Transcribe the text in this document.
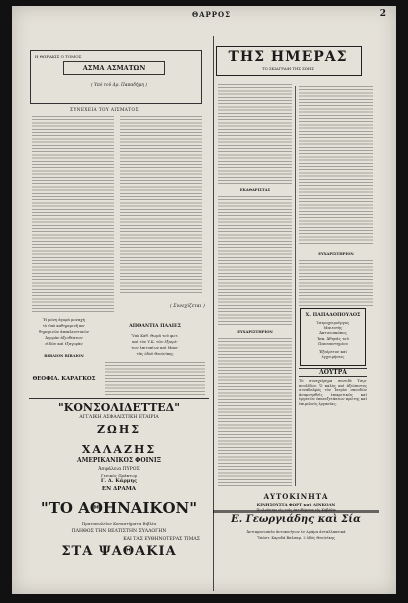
ΘΑΡΡΟΣ	2
Η ΘΩΡΑΚΙΣ Ο ΤΟΜΟΣ
ΑΣΜΑ ΑΣΜΑΤΩΝ
( Υπό τοῦ Δρ. Παπαδήμη )
ΣΥΝΕΧΕΙΑ ΤΟΥ ΑΙΣΜΑΤΟΣ
( Συνεχίζεται )
Ἡ μόνη ἀγορὰ μοναχὴ
τὸ ὑπὸ καθημερινῆ κα-
θημερινῶν ἀποκλειστικῶν
Ἀγορὰν ἀξιοθέατων
εἰδῶν καὶ ἐξαγορὰν
ΒΙΒΛΙΟΝ ΒΙΒΛΙΟΝ
ΘΕΟΦΙΛ. ΚΑΡΑΓΚΟΣ
ΑΠΘΑΝΤΙΑ ΠΑΛΙΕΣ
Ὑπὸ Καθ. Θωμᾶ τοῦ φωτ.
καὶ τὸν Υ.Κ. τῶν ἐξαιρέ-
των ἐπιτοπίων καὶ Μποι-
τᾶς ὁδοῦ Θεσ/νίκης
"ΚΟΝΣΟΛΙΔΕΤΤΕΔ"
ΑΓΓΛΙΚΗ ΑΣΦΑΛΙΣΤΙΚΗ ΕΤΑΙΡΙΑ
ΖΩΗΣ
ΧΑΛΑΖΗΣ
ΑΜΕΡΙΚΑΝΙΚΟΣ ΦΟΙΝΙΞ
Ἀσφάλεια ΠΥΡΟΣ
Γενικὸς Πράκτωρ
Γ. Δ. Κάρμης
ΕΝ ΔΡΑΜΑ
"ΤΟ ΑΘΗΝΑΙΚΟΝ"
Πρατοπωλεῖον Καταστήματα Βιβλία
ΠΛΗΘΟΣ ΤΗΝ ΒΕΛΤΙΣΤΗΝ ΣΥΛΛΟΓΗΝ
ΚΑΙ ΤΑΣ ΕΥΘΗΝΟΤΕΡΑΣ ΤΙΜΑΣ
ΣΤΑ ΨΑΘΑΚΙΑ
ΤΗΣ ΗΜΕΡΑΣ
ΤΟ ΣΚΙΑΓΡΑΦΙ ΤΗΣ ΖΩΗΣ
ΕΚΑΘΑΡΙΣΤΑΣ
ΕΥΧΑΡΙΣΤΗΡΙΟΝ
ΕΥΧΑΡΙΣΤΗΡΙΟΝ
Χ. ΠΑΠΑΔΟΠΟΥΛΟΣ
Ἰατροχειροῦργος
Μαιευτὴς
Ἀκτινοσκόπος
Ἱππ. Ἀθηνᾶς τοῦ
Πανεπιστημίου
Ἐξαίρετον καὶ
ἐγχειρήσεις
ΛΟΥΤΡΑ
Τὸ συνεχείρημα συνειδὲ Τσιρ-πουλίδου. Ὁ καλὸς καί ἀξιόπιστος συναδελφὸς τὸν Ἰατρὸν σπουδών ἀναμνησθεὶς ἐπικριτικῶς καί ἐργατῶν ἐπανεξετάσεων πρώτης καί ἐπιμελούς ἐργασίας.
ΑΥΤΟΚΙΝΗΤΑ
ΚΙΝΗΣΟΥΣΤΑ ΦΩΡΤ καὶ ΛΙΝΚΟΛΝ
Ε. Γεωργιάδης καὶ Σία
Ἀντιπροσωπεῖα ἀυτοκινήτων ἐν Δράμα ἀνταλλακτικά
Ὑπόστ. Καρυδά Βαλσαμ. 2 ὁδὸς Θεσ/νίκης
